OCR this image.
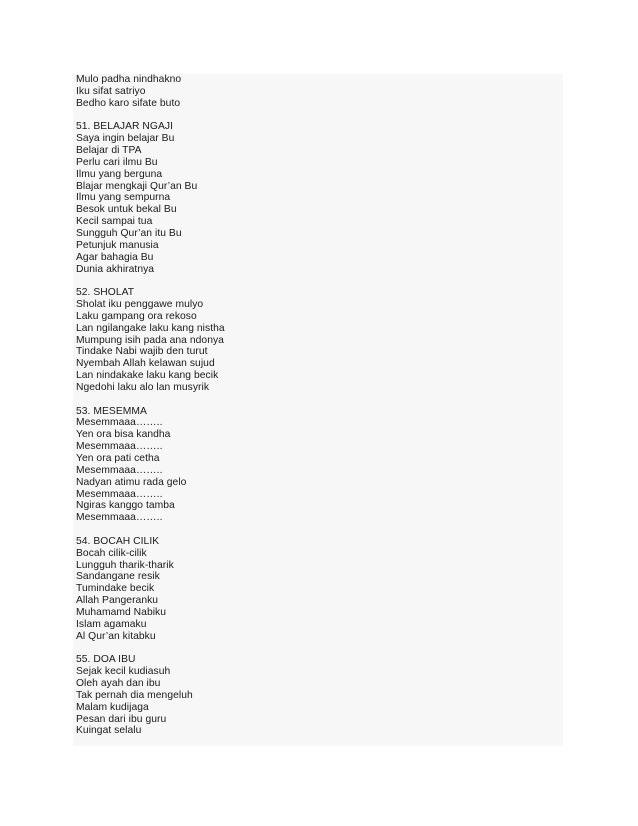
Mulo padha nindhakno
Iku sifat satriyo
Bedho karo sifate buto
51. BELAJAR NGAJI
Saya ingin belajar Bu
Belajar di TPA
Perlu cari ilmu Bu
Ilmu yang berguna
Blajar mengkaji Qur’an Bu
Ilmu yang sempurna
Besok untuk bekal Bu
Kecil sampai tua
Sungguh Qur’an itu Bu
Petunjuk manusia
Agar bahagia Bu
Dunia akhiratnya
52. SHOLAT
Sholat iku penggawe mulyo
Laku gampang ora rekoso
Lan ngilangake laku kang nistha
Mumpung isih pada ana ndonya
Tindake Nabi wajib den turut
Nyembah Allah kelawan sujud
Lan nindakake laku kang becik
Ngedohi laku alo lan musyrik
53. MESEMMA
Mesemmaaa……..
Yen ora bisa kandha
Mesemmaaa……..
Yen ora pati cetha
Mesemmaaa……..
Nadyan atimu rada gelo
Mesemmaaa……..
Ngiras kanggo tamba
Mesemmaaa……..
54. BOCAH CILIK
Bocah cilik-cilik
Lungguh tharik-tharik
Sandangane resik
Tumindake becik
Allah Pangeranku
Muhamamd Nabiku
Islam agamaku
Al Qur’an kitabku
55. DOA IBU
Sejak kecil kudiasuh
Oleh ayah dan ibu
Tak pernah dia mengeluh
Malam kudijaga
Pesan dari ibu guru
Kuingat selalu
